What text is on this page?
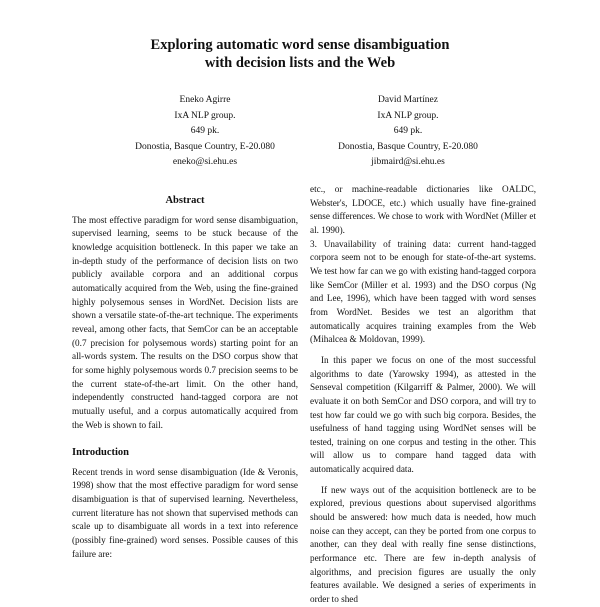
Exploring automatic word sense disambiguation
with decision lists and the Web
Eneko Agirre
IxA NLP group.
649 pk.
Donostia, Basque Country, E-20.080
eneko@si.ehu.es
David Martínez
IxA NLP group.
649 pk.
Donostia, Basque Country, E-20.080
jibmaird@si.ehu.es
Abstract

The most effective paradigm for word sense disambiguation, supervised learning, seems to be stuck because of the knowledge acquisition bottleneck. In this paper we take an in-depth study of the performance of decision lists on two publicly available corpora and an additional corpus automatically acquired from the Web, using the fine-grained highly polysemous senses in WordNet. Decision lists are shown a versatile state-of-the-art technique. The experiments reveal, among other facts, that SemCor can be an acceptable (0.7 precision for polysemous words) starting point for an all-words system. The results on the DSO corpus show that for some highly polysemous words 0.7 precision seems to be the current state-of-the-art limit. On the other hand, independently constructed hand-tagged corpora are not mutually useful, and a corpus automatically acquired from the Web is shown to fail.

Introduction

Recent trends in word sense disambiguation (Ide & Veronis, 1998) show that the most effective paradigm for word sense disambiguation is that of supervised learning. Nevertheless, current literature has not shown that supervised methods can scale up to disambiguate all words in a text into reference (possibly fine-grained) word senses. Possible causes of this failure are:

etc., or machine-readable dictionaries like OALDC, Webster's, LDOCE, etc.) which usually have fine-grained sense differences. We chose to work with WordNet (Miller et al. 1990).

3. Unavailability of training data: current hand-tagged corpora seem not to be enough for state-of-the-art systems. We test how far can we go with existing hand-tagged corpora like SemCor (Miller et al. 1993) and the DSO corpus (Ng and Lee, 1996), which have been tagged with word senses from WordNet. Besides we test an algorithm that automatically acquires training examples from the Web (Mihalcea & Moldovan, 1999).

In this paper we focus on one of the most successful algorithms to date (Yarowsky 1994), as attested in the Senseval competition (Kilgarriff & Palmer, 2000). We will evaluate it on both SemCor and DSO corpora, and will try to test how far could we go with such big corpora. Besides, the usefulness of hand tagging using WordNet senses will be tested, training on one corpus and testing in the other. This will allow us to compare hand tagged data with automatically acquired data.

If new ways out of the acquisition bottleneck are to be explored, previous questions about supervised algorithms should be answered: how much data is needed, how much noise can they accept, can they be ported from one corpus to another, can they deal with really fine sense distinctions, performance etc. There are few in-depth analysis of algorithms, and precision figures are usually the only features available. We designed a series of experiments in order to shed
